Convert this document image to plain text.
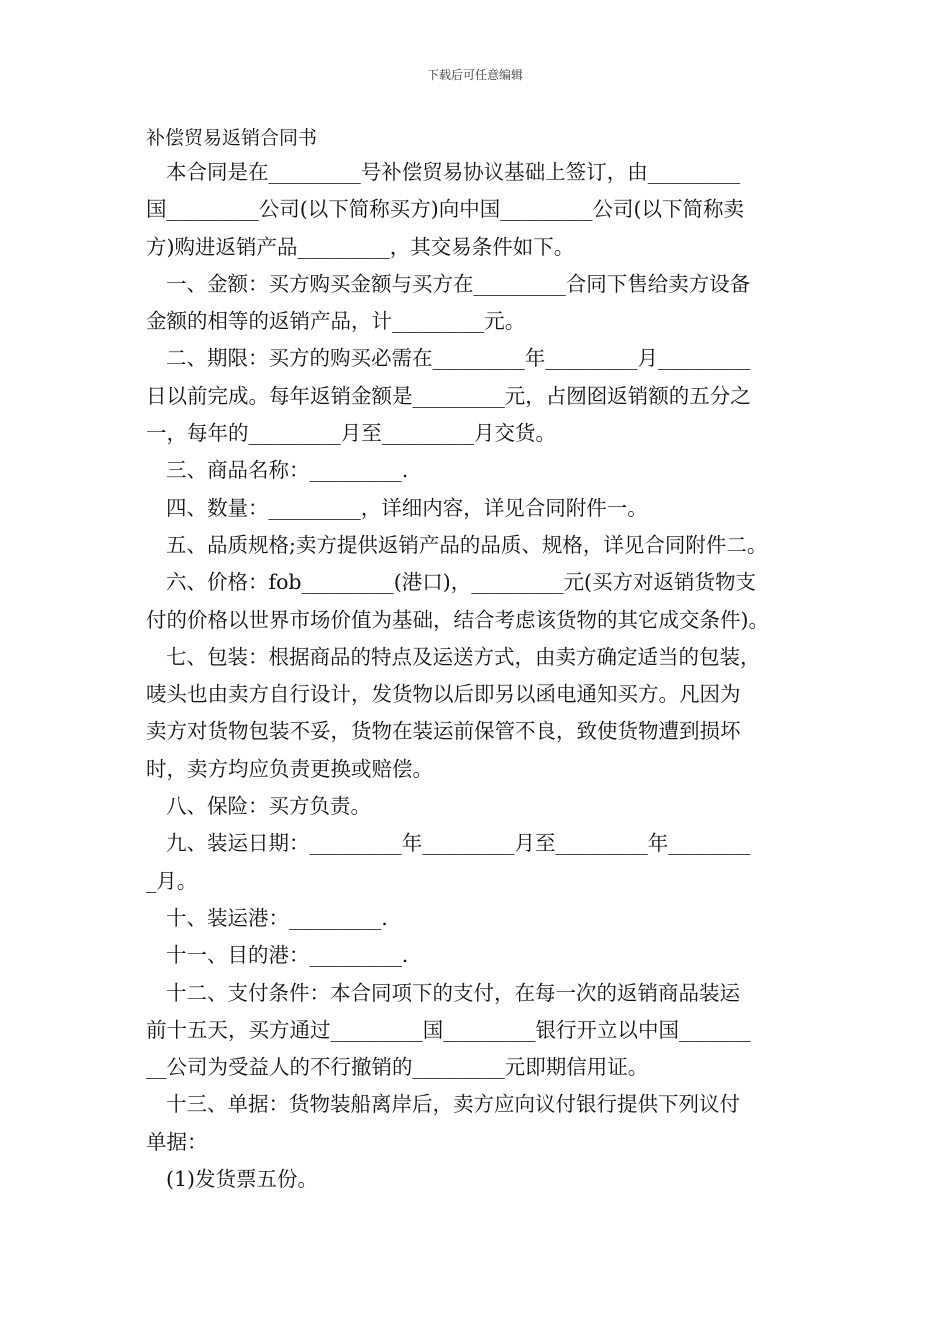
下载后可任意编辑
补偿贸易返销合同书

本合同是在_________号补偿贸易协议基础上签订，由_________

国_________公司(以下简称买方)向中国_________公司(以下简称卖

方)购进返销产品_________，其交易条件如下。

一、金额：买方购买金额与买方在_________合同下售给卖方设备

金额的相等的返销产品，计_________元。

二、期限：买方的购买必需在_________年_________月_________

日以前完成。每年返销金额是_________元，占囫囵返销额的五分之

一，每年的_________月至_________月交货。

三、商品名称：_________.

四、数量：_________，详细内容，详见合同附件一。

五、品质规格;卖方提供返销产品的品质、规格，详见合同附件二。

六、价格：fob_________(港口)，_________元(买方对返销货物支

付的价格以世界市场价值为基础，结合考虑该货物的其它成交条件)。

七、包装：根据商品的特点及运送方式，由卖方确定适当的包装，

唛头也由卖方自行设计，发货物以后即另以函电通知买方。凡因为

卖方对货物包装不妥，货物在装运前保管不良，致使货物遭到损坏

时，卖方均应负责更换或赔偿。

八、保险：买方负责。

九、装运日期：_________年_________月至_________年________

_月。

十、装运港：_________.

十一、目的港：_________.

十二、支付条件：本合同项下的支付，在每一次的返销商品装运

前十五天，买方通过_________国_________银行开立以中国_______

__公司为受益人的不行撤销的_________元即期信用证。

十三、单据：货物装船离岸后，卖方应向议付银行提供下列议付

单据：

(1)发货票五份。
